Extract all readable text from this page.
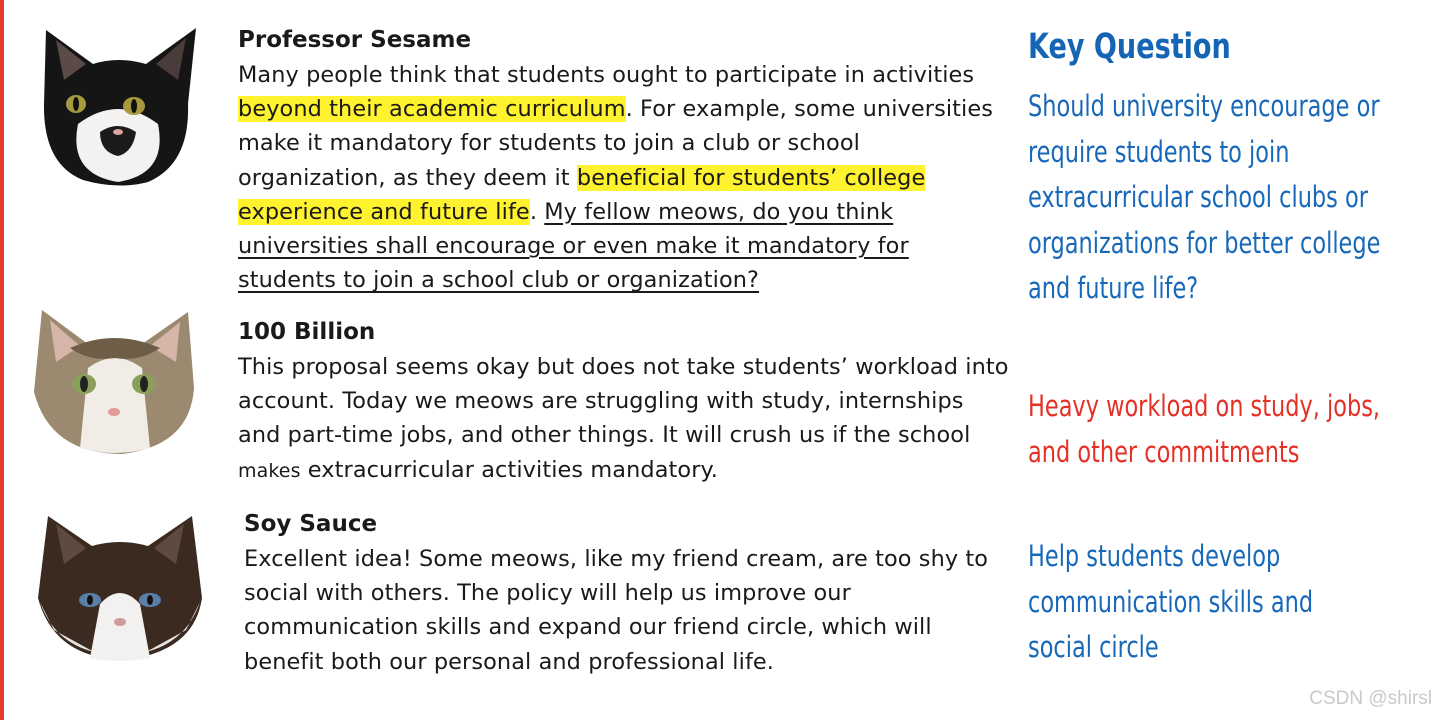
Professor Sesame

Many people think that students ought to participate in activities beyond their academic curriculum. For example, some universities make it mandatory for students to join a club or school organization, as they deem it beneficial for students’ college experience and future life. My fellow meows, do you think universities shall encourage or even make it mandatory for students to join a school club or organization?

100 Billion

This proposal seems okay but does not take students’ workload into account. Today we meows are struggling with study, internships and part-time jobs, and other things. It will crush us if the school makes extracurricular activities mandatory.

Soy Sauce

Excellent idea! Some meows, like my friend cream, are too shy to social with others. The policy will help us improve our communication skills and expand our friend circle, which will benefit both our personal and professional life.

Key Question
Should university encourage or
require students to join
extracurricular school clubs or
organizations for better college
and future life?
Heavy workload on study, jobs,
and other commitments
Help students develop
communication skills and
social circle
CSDN @shirsl
